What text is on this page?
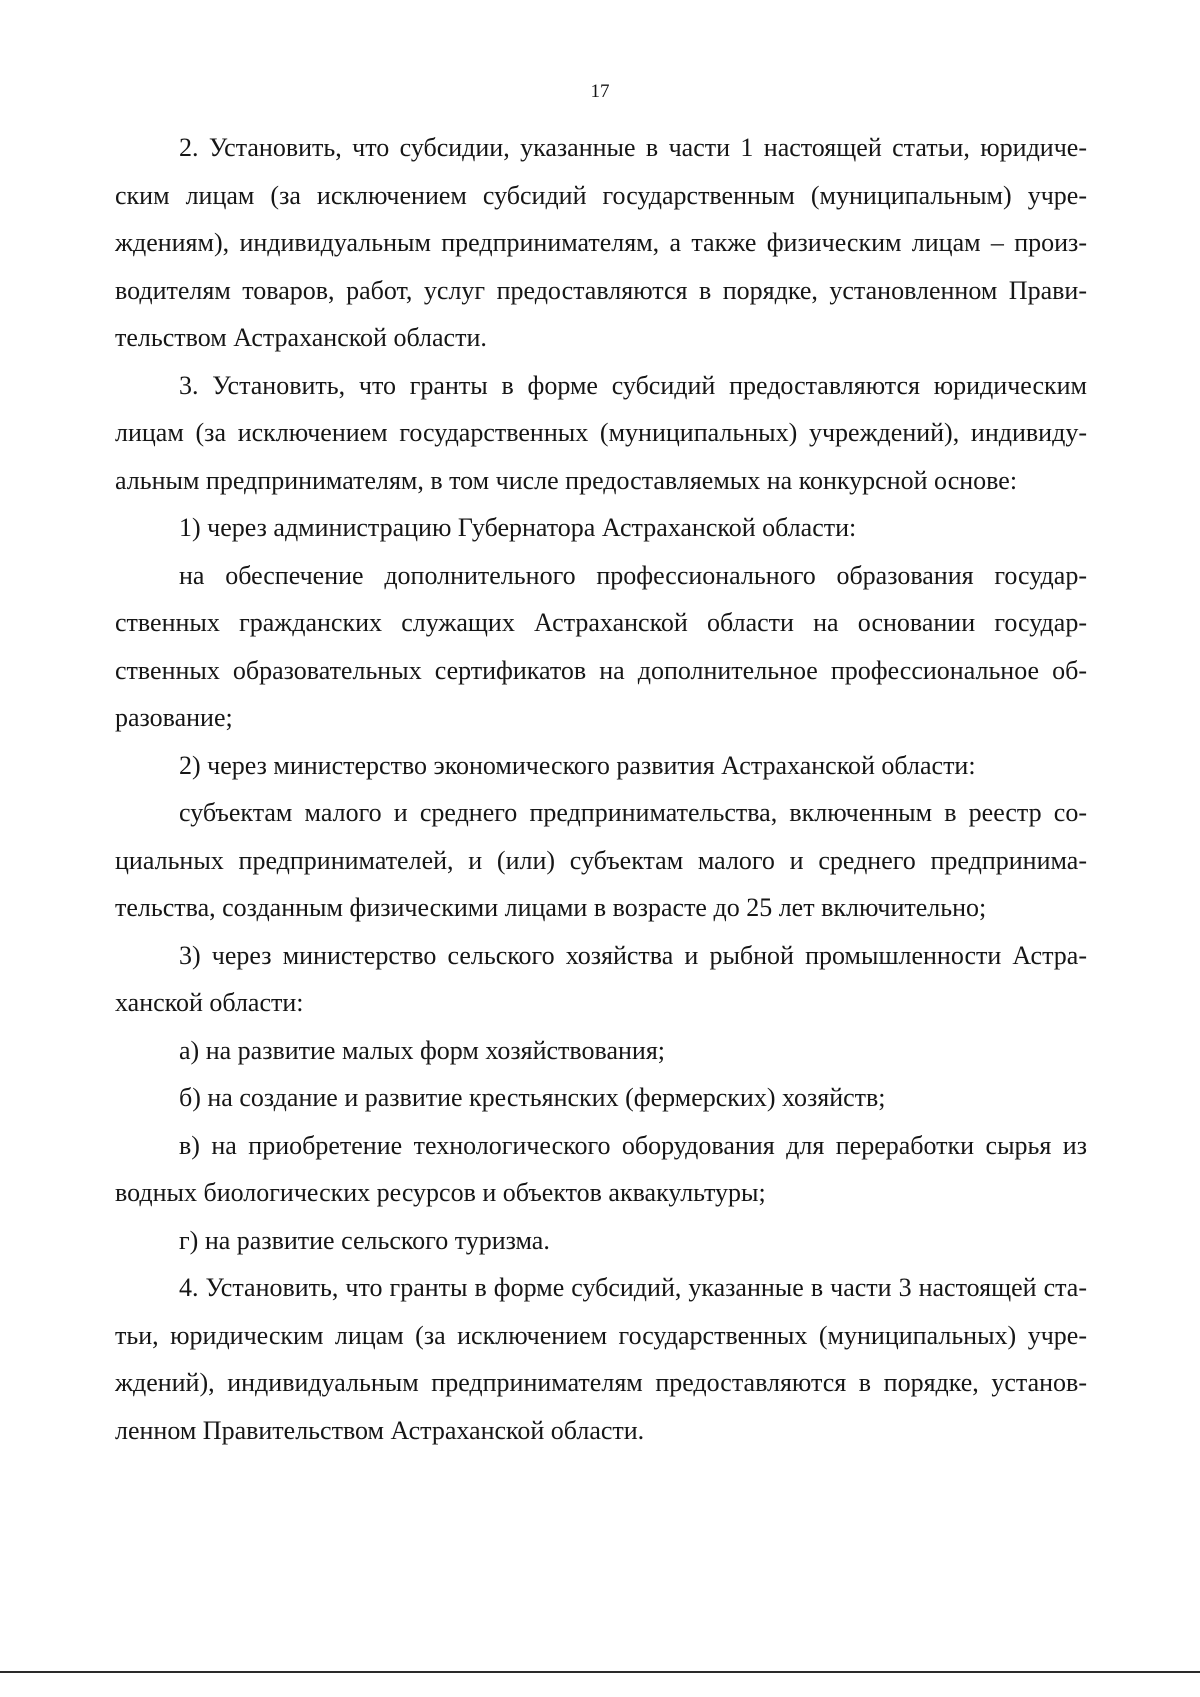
17

2. Установить, что субсидии, указанные в части 1 настоящей статьи, юридическим лицам (за исключением субсидий государственным (муниципальным) учреждениям), индивидуальным предпринимателям, а также физическим лицам – производителям товаров, работ, услуг предоставляются в порядке, установленном Правительством Астраханской области.

3. Установить, что гранты в форме субсидий предоставляются юридическим лицам (за исключением государственных (муниципальных) учреждений), индивидуальным предпринимателям, в том числе предоставляемых на конкурсной основе:

1) через администрацию Губернатора Астраханской области:

на обеспечение дополнительного профессионального образования государственных гражданских служащих Астраханской области на основании государственных образовательных сертификатов на дополнительное профессиональное образование;

2) через министерство экономического развития Астраханской области:

субъектам малого и среднего предпринимательства, включенным в реестр социальных предпринимателей, и (или) субъектам малого и среднего предпринимательства, созданным физическими лицами в возрасте до 25 лет включительно;

3) через министерство сельского хозяйства и рыбной промышленности Астраханской области:

а) на развитие малых форм хозяйствования;

б) на создание и развитие крестьянских (фермерских) хозяйств;

в) на приобретение технологического оборудования для переработки сырья из водных биологических ресурсов и объектов аквакультуры;

г) на развитие сельского туризма.

4. Установить, что гранты в форме субсидий, указанные в части 3 настоящей статьи, юридическим лицам (за исключением государственных (муниципальных) учреждений), индивидуальным предпринимателям предоставляются в порядке, установленном Правительством Астраханской области.
